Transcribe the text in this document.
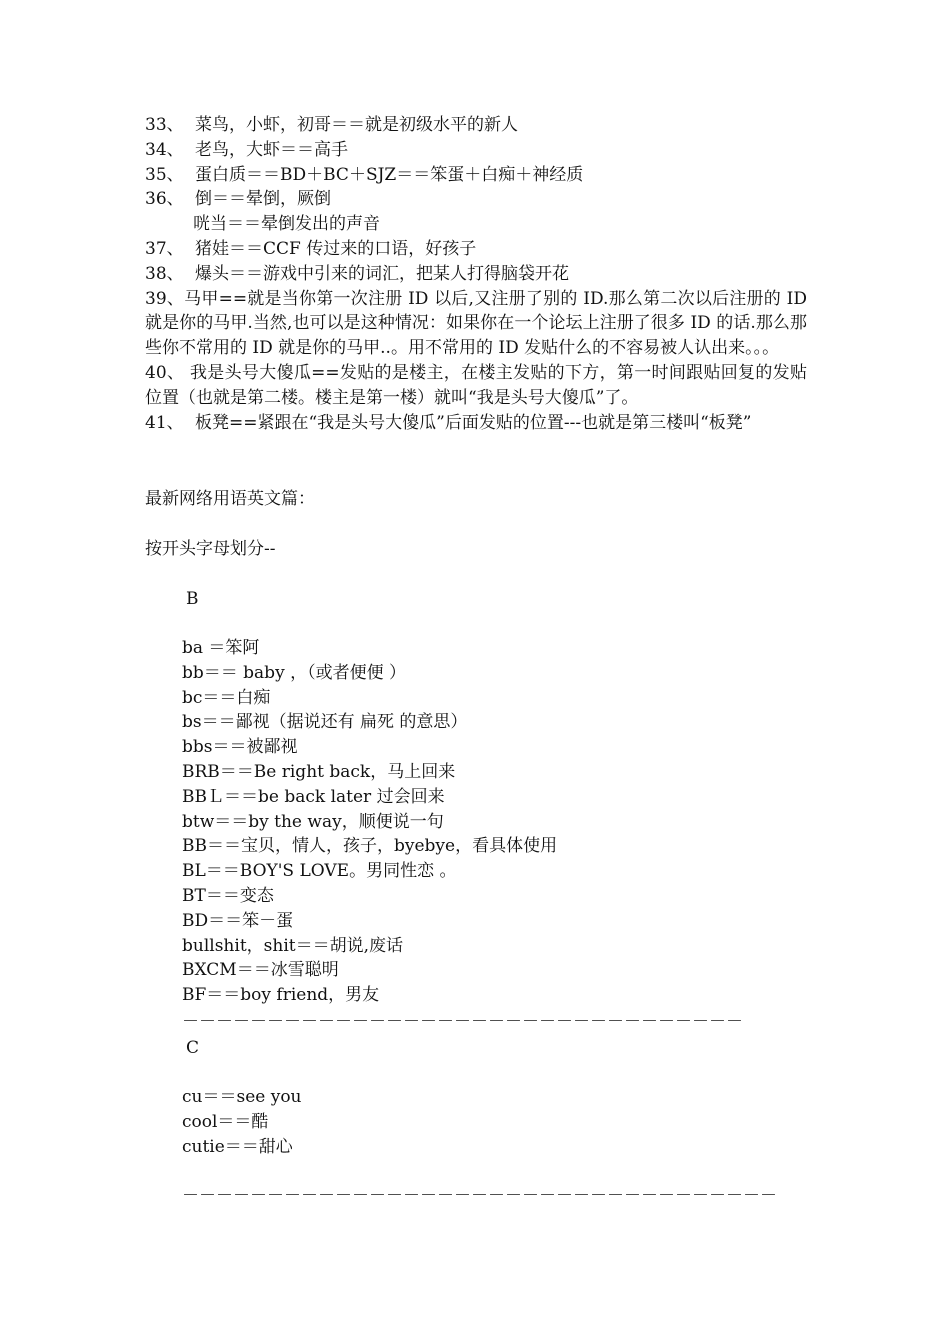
33、 菜鸟，小虾，初哥＝＝就是初级水平的新人
34、 老鸟，大虾＝＝高手
35、 蛋白质＝＝BD＋BC＋SJZ＝＝笨蛋＋白痴＋神经质
36、 倒＝＝晕倒，厥倒
咣当＝＝晕倒发出的声音
37、 猪娃＝＝CCF 传过来的口语，好孩子
38、 爆头＝＝游戏中引来的词汇，把某人打得脑袋开花
39、马甲==就是当你第一次注册 ID 以后,又注册了别的 ID.那么第二次以后注册的 ID 就是你的马甲.当然,也可以是这种情况：如果你在一个论坛上注册了很多 ID 的话.那么那些你不常用的 ID 就是你的马甲..。用不常用的 ID 发贴什么的不容易被人认出来。。。
40、 我是头号大傻瓜==发贴的是楼主，在楼主发贴的下方，第一时间跟贴回复的发贴位置（也就是第二楼。楼主是第一楼）就叫“我是头号大傻瓜”了。
41、 板凳==紧跟在“我是头号大傻瓜”后面发贴的位置---也就是第三楼叫“板凳”
最新网络用语英文篇：
按开头字母划分--
B
ba ＝笨阿
bb＝＝ baby ，（或者便便 ）
bc＝＝白痴
bs＝＝鄙视（据说还有 扁死 的意思）
bbs＝＝被鄙视
BRB＝＝Be right back，马上回来
BBＬ＝＝be back later 过会回来
btw＝＝by the way，顺便说一句
BB＝＝宝贝，情人，孩子，byebye，看具体使用
BL＝＝BOY'S LOVE。男同性恋 。
BT＝＝变态
BD＝＝笨－蛋
bullshit，shit＝＝胡说,废话
BXCM＝＝冰雪聪明
BF＝＝boy friend，男友
－－－－－－－－－－－－－－－－－－－－－－－－－－－－－－－－－
C
cu＝＝see you
cool＝＝酷
cutie＝＝甜心
－－－－－－－－－－－－－－－－－－－－－－－－－－－－－－－－－－－
